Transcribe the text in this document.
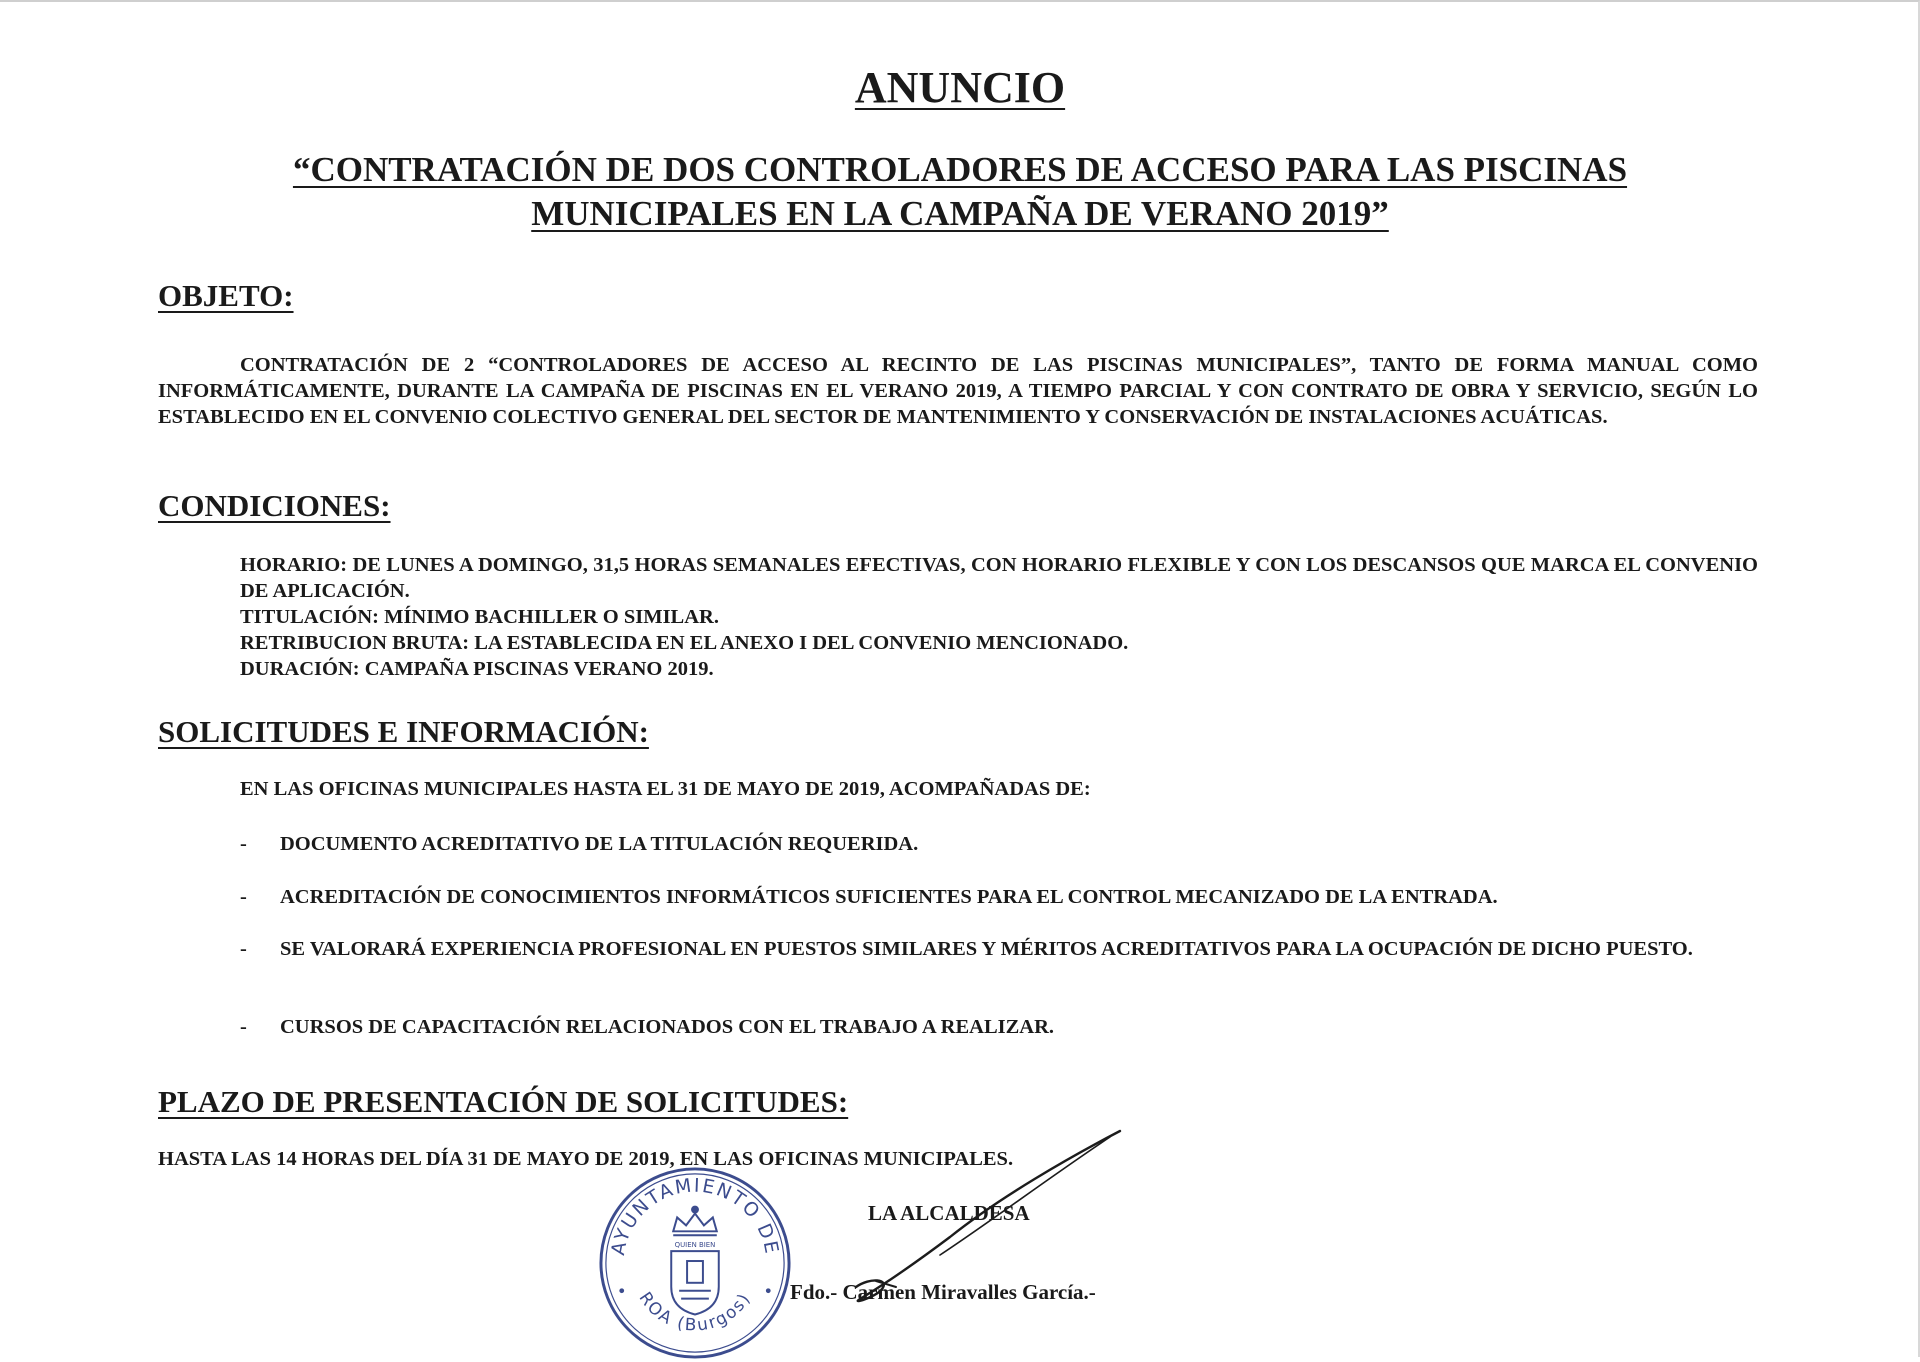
ANUNCIO
“CONTRATACIÓN DE DOS CONTROLADORES DE ACCESO PARA LAS PISCINAS MUNICIPALES EN LA CAMPAÑA DE VERANO 2019”
OBJETO:
CONTRATACIÓN DE 2 “CONTROLADORES DE ACCESO AL RECINTO DE LAS PISCINAS MUNICIPALES”, TANTO DE FORMA MANUAL COMO INFORMÁTICAMENTE, DURANTE LA CAMPAÑA DE PISCINAS EN EL VERANO 2019, A TIEMPO PARCIAL Y CON CONTRATO DE OBRA Y SERVICIO, SEGÚN LO ESTABLECIDO EN EL CONVENIO COLECTIVO GENERAL DEL SECTOR DE MANTENIMIENTO Y CONSERVACIÓN DE INSTALACIONES ACUÁTICAS.
CONDICIONES:
HORARIO: DE LUNES A DOMINGO, 31,5 HORAS SEMANALES EFECTIVAS, CON HORARIO FLEXIBLE Y CON LOS DESCANSOS QUE MARCA EL CONVENIO DE APLICACIÓN.
TITULACIÓN: MÍNIMO BACHILLER O SIMILAR.
RETRIBUCION BRUTA: LA ESTABLECIDA EN EL ANEXO I DEL CONVENIO MENCIONADO.
DURACIÓN: CAMPAÑA PISCINAS VERANO 2019.
SOLICITUDES E INFORMACIÓN:
EN LAS OFICINAS MUNICIPALES HASTA EL 31 DE MAYO DE 2019, ACOMPAÑADAS DE:
- DOCUMENTO ACREDITATIVO DE LA TITULACIÓN REQUERIDA.
- ACREDITACIÓN DE CONOCIMIENTOS INFORMÁTICOS SUFICIENTES PARA EL CONTROL MECANIZADO DE LA ENTRADA.
- SE VALORARÁ EXPERIENCIA PROFESIONAL EN PUESTOS SIMILARES Y MÉRITOS ACREDITATIVOS PARA LA OCUPACIÓN DE DICHO PUESTO.
- CURSOS DE CAPACITACIÓN RELACIONADOS CON EL TRABAJO A REALIZAR.
PLAZO DE PRESENTACIÓN DE SOLICITUDES:
HASTA LAS 14 HORAS DEL DÍA 31 DE MAYO DE 2019, EN LAS OFICINAS MUNICIPALES.
AYUNTAMIENTO DE
ROA (Burgos)
QUIEN BIEN
LA ALCALDESA
Fdo.- Carmen Miravalles García.-
